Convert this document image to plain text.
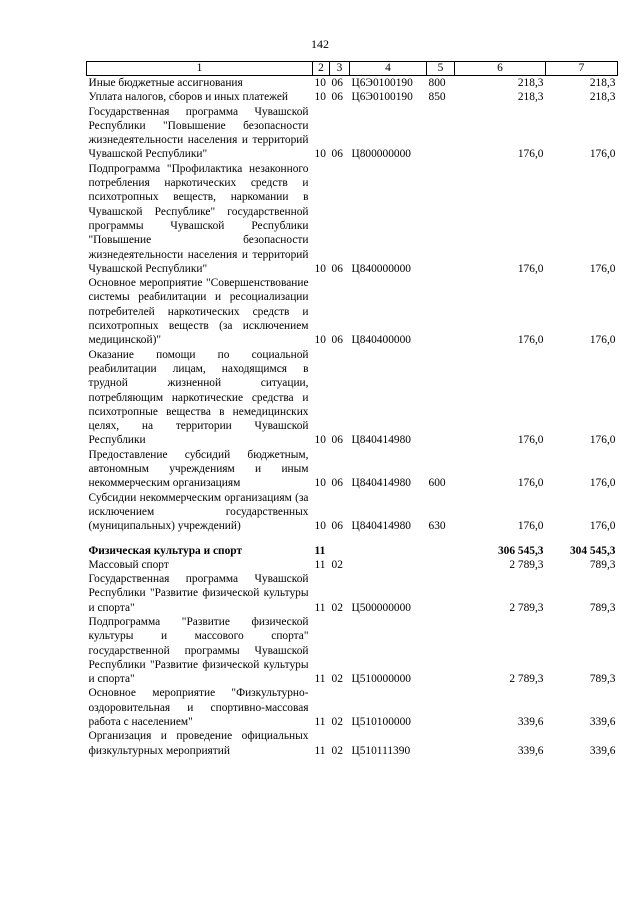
142
1	2	3	4	5	6	7
Иные бюджетные ассигнования	10	06	Ц6Э0100190	800	218,3	218,3
Уплата налогов, сборов и иных платежей	10	06	Ц6Э0100190	850	218,3	218,3
Государственная программа Чувашской Республики "Повышение безопасности жизнедеятельности населения и территорий Чувашской Республики"	10	06	Ц800000000		176,0	176,0
Подпрограмма "Профилактика незаконного потребления наркотических средств и психотропных веществ, наркомании в Чувашской Республике" государственной программы Чувашской Республики "Повышение безопасности жизнедеятельности населения и территорий Чувашской Республики"	10	06	Ц840000000		176,0	176,0
Основное мероприятие "Совершенствование системы реабилитации и ресоциализации потребителей наркотических средств и психотропных веществ (за исключением медицинской)"	10	06	Ц840400000		176,0	176,0
Оказание помощи по социальной реабилитации лицам, находящимся в трудной жизненной ситуации, потребляющим наркотические средства и психотропные вещества в немедицинских целях, на территории Чувашской Республики	10	06	Ц840414980		176,0	176,0
Предоставление субсидий бюджетным, автономным учреждениям и иным некоммерческим организациям	10	06	Ц840414980	600	176,0	176,0
Субсидии некоммерческим организациям (за исключением государственных (муниципальных) учреждений)	10	06	Ц840414980	630	176,0	176,0

Физическая культура и спорт	11				306 545,3	304 545,3
Массовый спорт	11	02			2 789,3	789,3
Государственная программа Чувашской Республики "Развитие физической культуры и спорта"	11	02	Ц500000000		2 789,3	789,3
Подпрограмма "Развитие физической культуры и массового спорта" государственной программы Чувашской Республики "Развитие физической культуры и спорта"	11	02	Ц510000000		2 789,3	789,3
Основное мероприятие "Физкультурно-оздоровительная и спортивно-массовая работа с населением"	11	02	Ц510100000		339,6	339,6
Организация и проведение официальных физкультурных мероприятий	11	02	Ц510111390		339,6	339,6
